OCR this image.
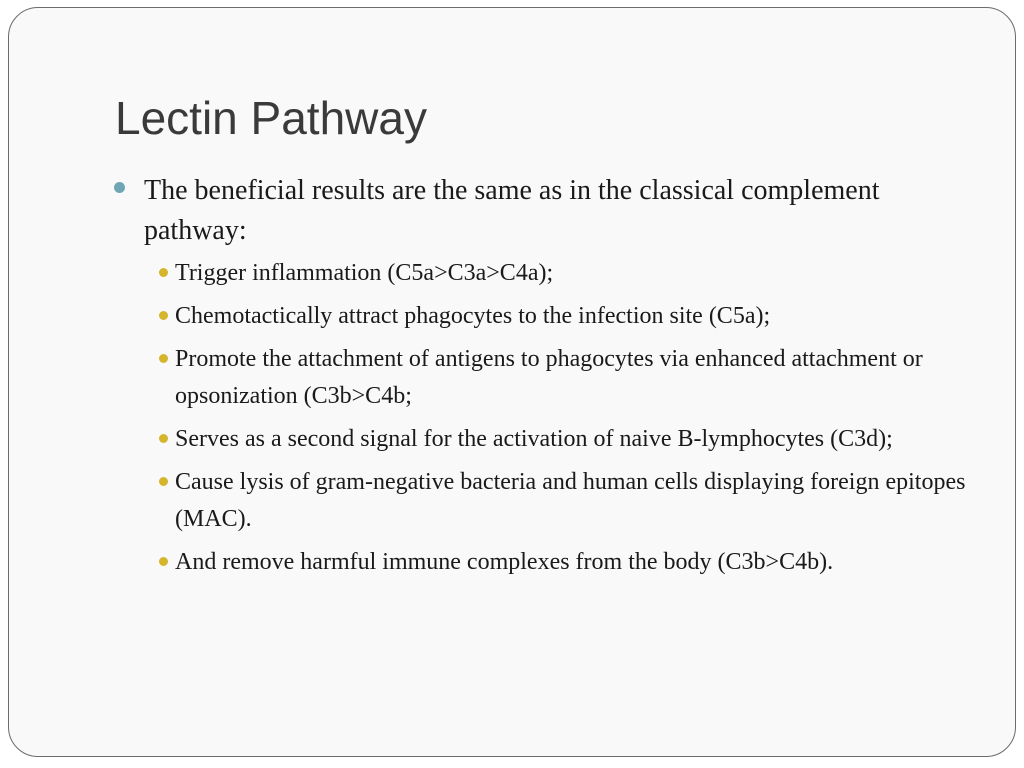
Lectin Pathway
The beneficial results are the same as in the classical complement pathway:
Trigger inflammation (C5a>C3a>C4a);
Chemotactically attract phagocytes to the infection site (C5a);
Promote the attachment of antigens to phagocytes via enhanced attachment or opsonization (C3b>C4b;
Serves as a second signal for the activation of naive B-lymphocytes (C3d);
Cause lysis of gram-negative bacteria and human cells displaying foreign epitopes (MAC).
And remove harmful immune complexes from the body (C3b>C4b).
